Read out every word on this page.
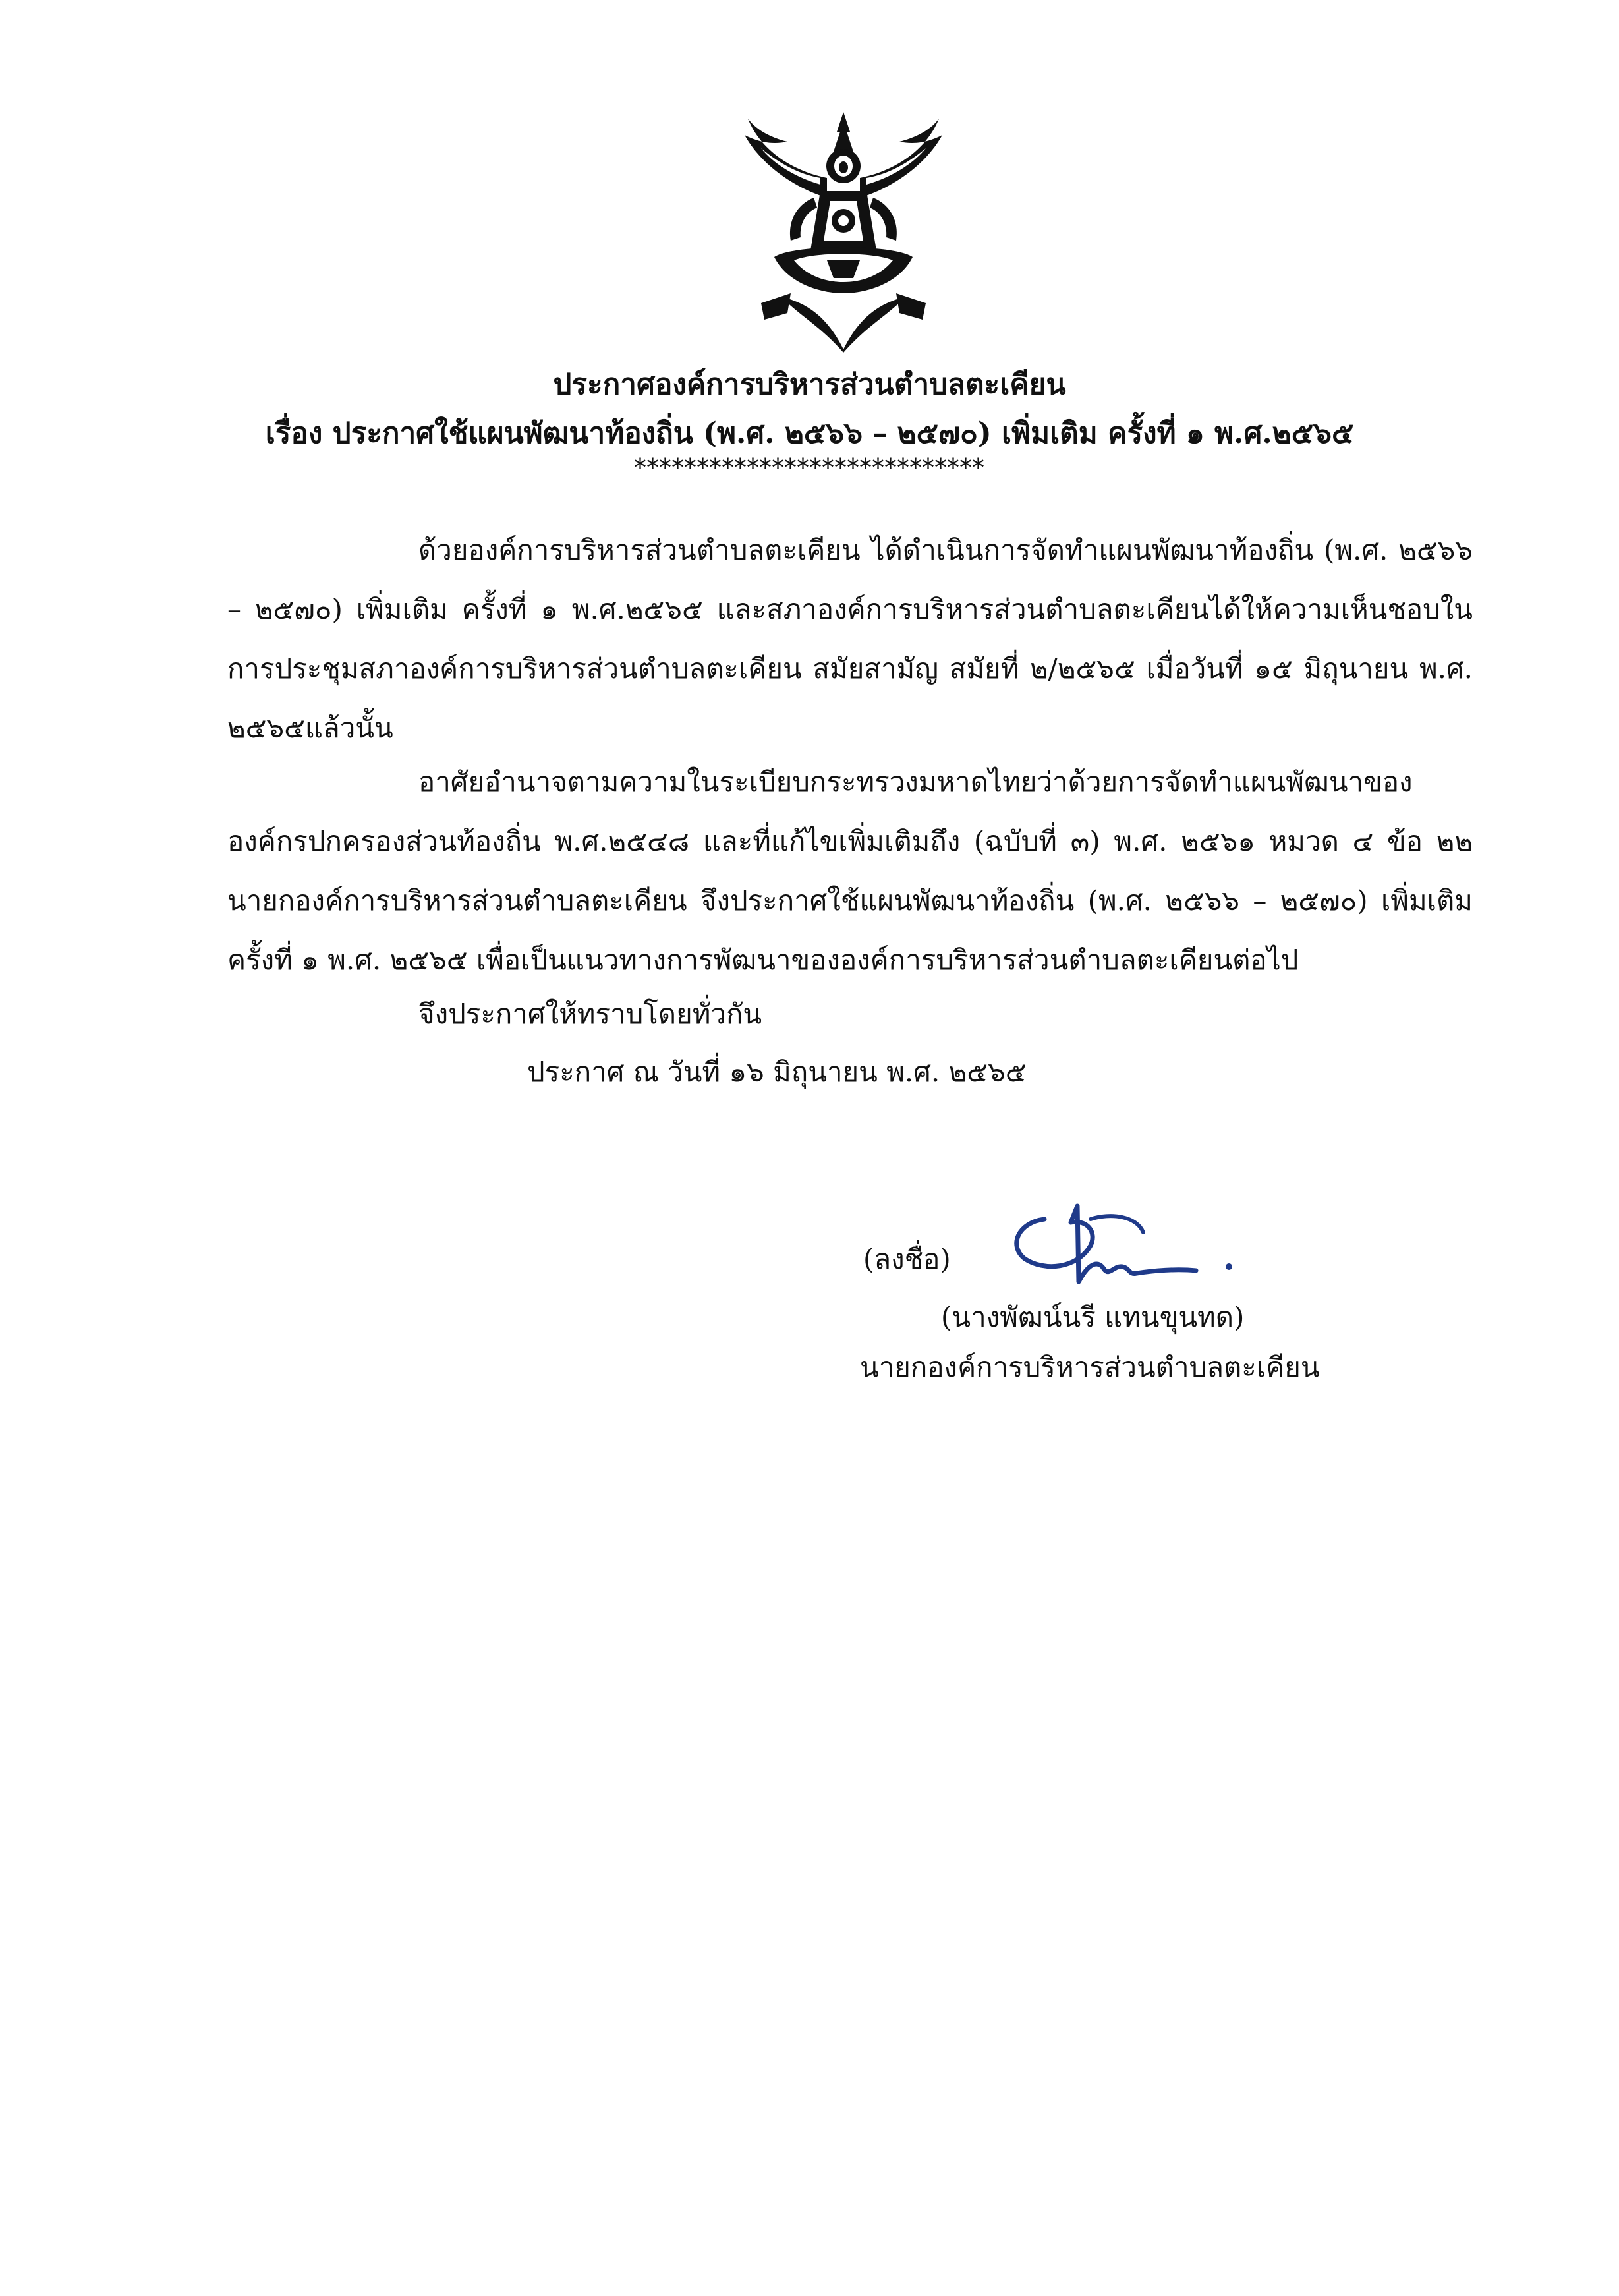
ประกาศองค์การบริหารส่วนตำบลตะเคียน
เรื่อง ประกาศใช้แผนพัฒนาท้องถิ่น (พ.ศ. ๒๕๖๖ – ๒๕๗๐) เพิ่มเติม ครั้งที่ ๑ พ.ศ.๒๕๖๕
****************************

ด้วยองค์การบริหารส่วนตำบลตะเคียน ได้ดำเนินการจัดทำแผนพัฒนาท้องถิ่น (พ.ศ. ๒๕๖๖ – ๒๕๗๐) เพิ่มเติม ครั้งที่ ๑ พ.ศ.๒๕๖๕ และสภาองค์การบริหารส่วนตำบลตะเคียนได้ให้ความเห็นชอบในการประชุมสภาองค์การบริหารส่วนตำบลตะเคียน สมัยสามัญ สมัยที่ ๒/๒๕๖๕ เมื่อวันที่ ๑๕ มิถุนายน พ.ศ. ๒๕๖๕แล้วนั้น

อาศัยอำนาจตามความในระเบียบกระทรวงมหาดไทยว่าด้วยการจัดทำแผนพัฒนาขององค์กรปกครองส่วนท้องถิ่น พ.ศ.๒๕๔๘ และที่แก้ไขเพิ่มเติมถึง (ฉบับที่ ๓) พ.ศ. ๒๕๖๑ หมวด ๔ ข้อ ๒๒ นายกองค์การบริหารส่วนตำบลตะเคียน จึงประกาศใช้แผนพัฒนาท้องถิ่น (พ.ศ. ๒๕๖๖ – ๒๕๗๐) เพิ่มเติม ครั้งที่ ๑ พ.ศ. ๒๕๖๕ เพื่อเป็นแนวทางการพัฒนาขององค์การบริหารส่วนตำบลตะเคียนต่อไป

จึงประกาศให้ทราบโดยทั่วกัน

ประกาศ ณ วันที่ ๑๖ มิถุนายน พ.ศ. ๒๕๖๕
(ลงชื่อ)
(นางพัฒน์นรี แทนขุนทด)
นายกองค์การบริหารส่วนตำบลตะเคียน
